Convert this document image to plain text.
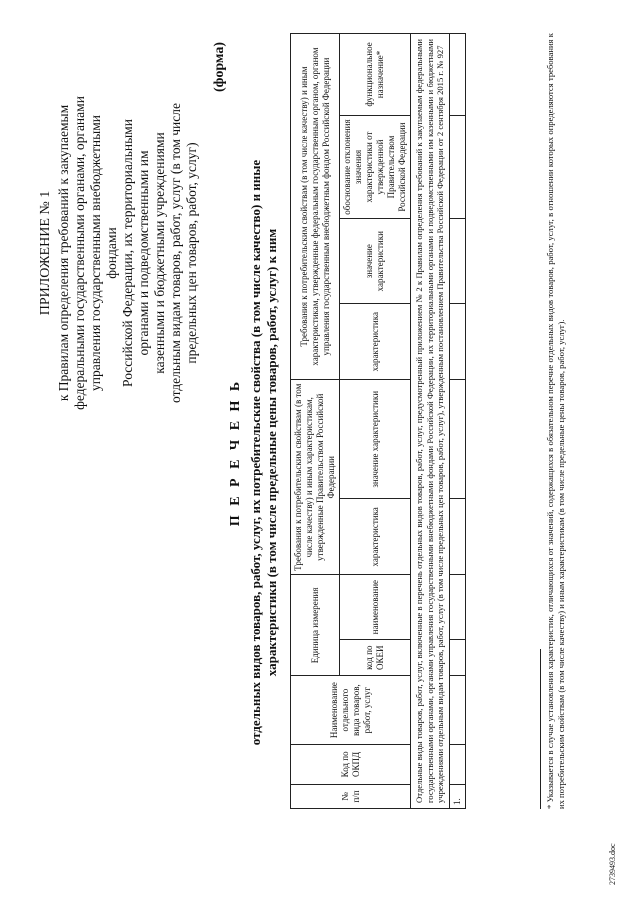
ПРИЛОЖЕНИЕ № 1 к Правилам определения требований к закупаемым федеральными государственными органами, органами управления государственными внебюджетными фондами Российской Федерации, их территориальными органами и подведомственными им казенными и бюджетными учреждениями отдельным видам товаров, работ, услуг (в том числе предельных цен товаров, работ, услуг)
(форма)
П Е Р Е Ч Е Н Ь отдельных видов товаров, работ, услуг, их потребительские свойства (в том числе качество) и иные характеристики (в том числе предельные цены товаров, работ, услуг) к ним
№ п/п	Код по ОКПД	Наименование отдельного вида товаров, работ, услуг	Единица измерения		Требования к потребительским свойствам (в том числе качеству) и иным характеристикам, утвержденные Правительством Российской Федерации		Требования к потребительским свойствам (в том числе качеству) и иным характеристикам, утвержденные федеральным государственным органом, органом управления государственным внебюджетным фондом Российской Федерации			
			код по ОКЕИ	наименование	характеристика	значение характеристики	характеристика	значение характеристики	обоснование отклонения значения характеристики от утвержденной Правительством Российской Федерации	функциональное назначение*
Отдельные виды товаров, работ, услуг, включенные в перечень отдельных видов товаров, работ, услуг, предусмотренный приложением № 2 к Правилам определения требований к закупаемым федеральными государственными органами, органами управления государственными внебюджетными фондами Российской Федерации, их территориальными органами и подведомственными им казенными и бюджетными учреждениями отдельным видам товаров, работ, услуг (в том числе предельных цен товаров, работ, услуг), утвержденным постановлением Правительства Российской Федерации от 2 сентября 2015 г. № 927										
1.											* Указывается в случае установления характеристик, отличающихся от значений, содержащихся в обязательном перечне отдельных видов товаров, работ, услуг, в отношении которых определяются требования к их потребительским свойствам (в том числе качеству) и иным характеристикам (в том числе предельные цены товаров, работ, услуг).
2739493.doc
